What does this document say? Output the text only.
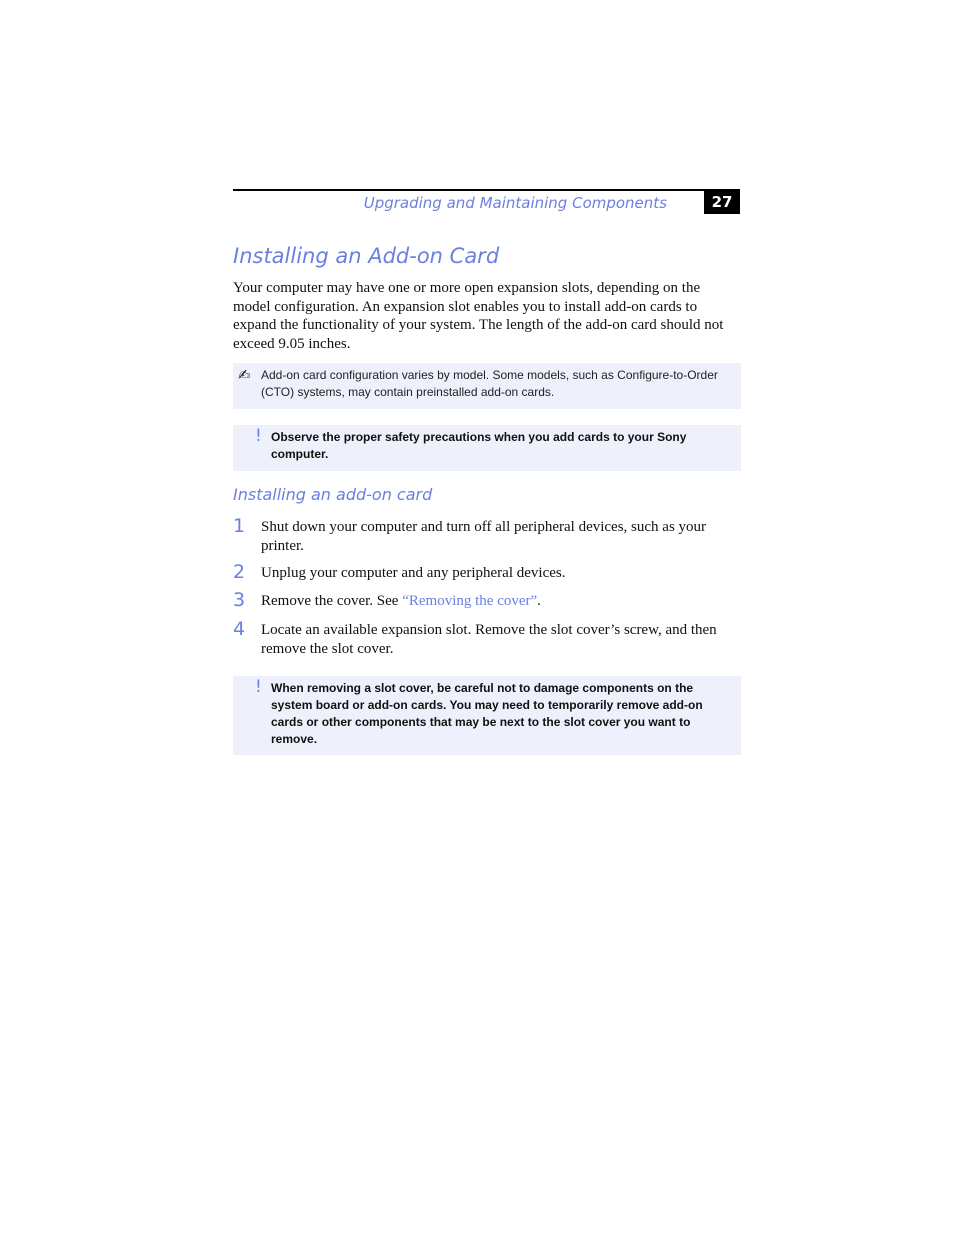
Upgrading and Maintaining Components	27
Installing an Add-on Card

Your computer may have one or more open expansion slots, depending on the model configuration. An expansion slot enables you to install add-on cards to expand the functionality of your system. The length of the add-on card should not exceed 9.05 inches.

✍ Add-on card configuration varies by model. Some models, such as Configure-to-Order (CTO) systems, may contain preinstalled add-on cards.

! Observe the proper safety precautions when you add cards to your Sony computer.

Installing an add-on card
1 Shut down your computer and turn off all peripheral devices, such as your printer.

2 Unplug your computer and any peripheral devices.

3 Remove the cover. See “Removing the cover”.

4 Locate an available expansion slot. Remove the slot cover’s screw, and then remove the slot cover.

! When removing a slot cover, be careful not to damage components on the system board or add-on cards. You may need to temporarily remove add-on cards or other components that may be next to the slot cover you want to remove.
